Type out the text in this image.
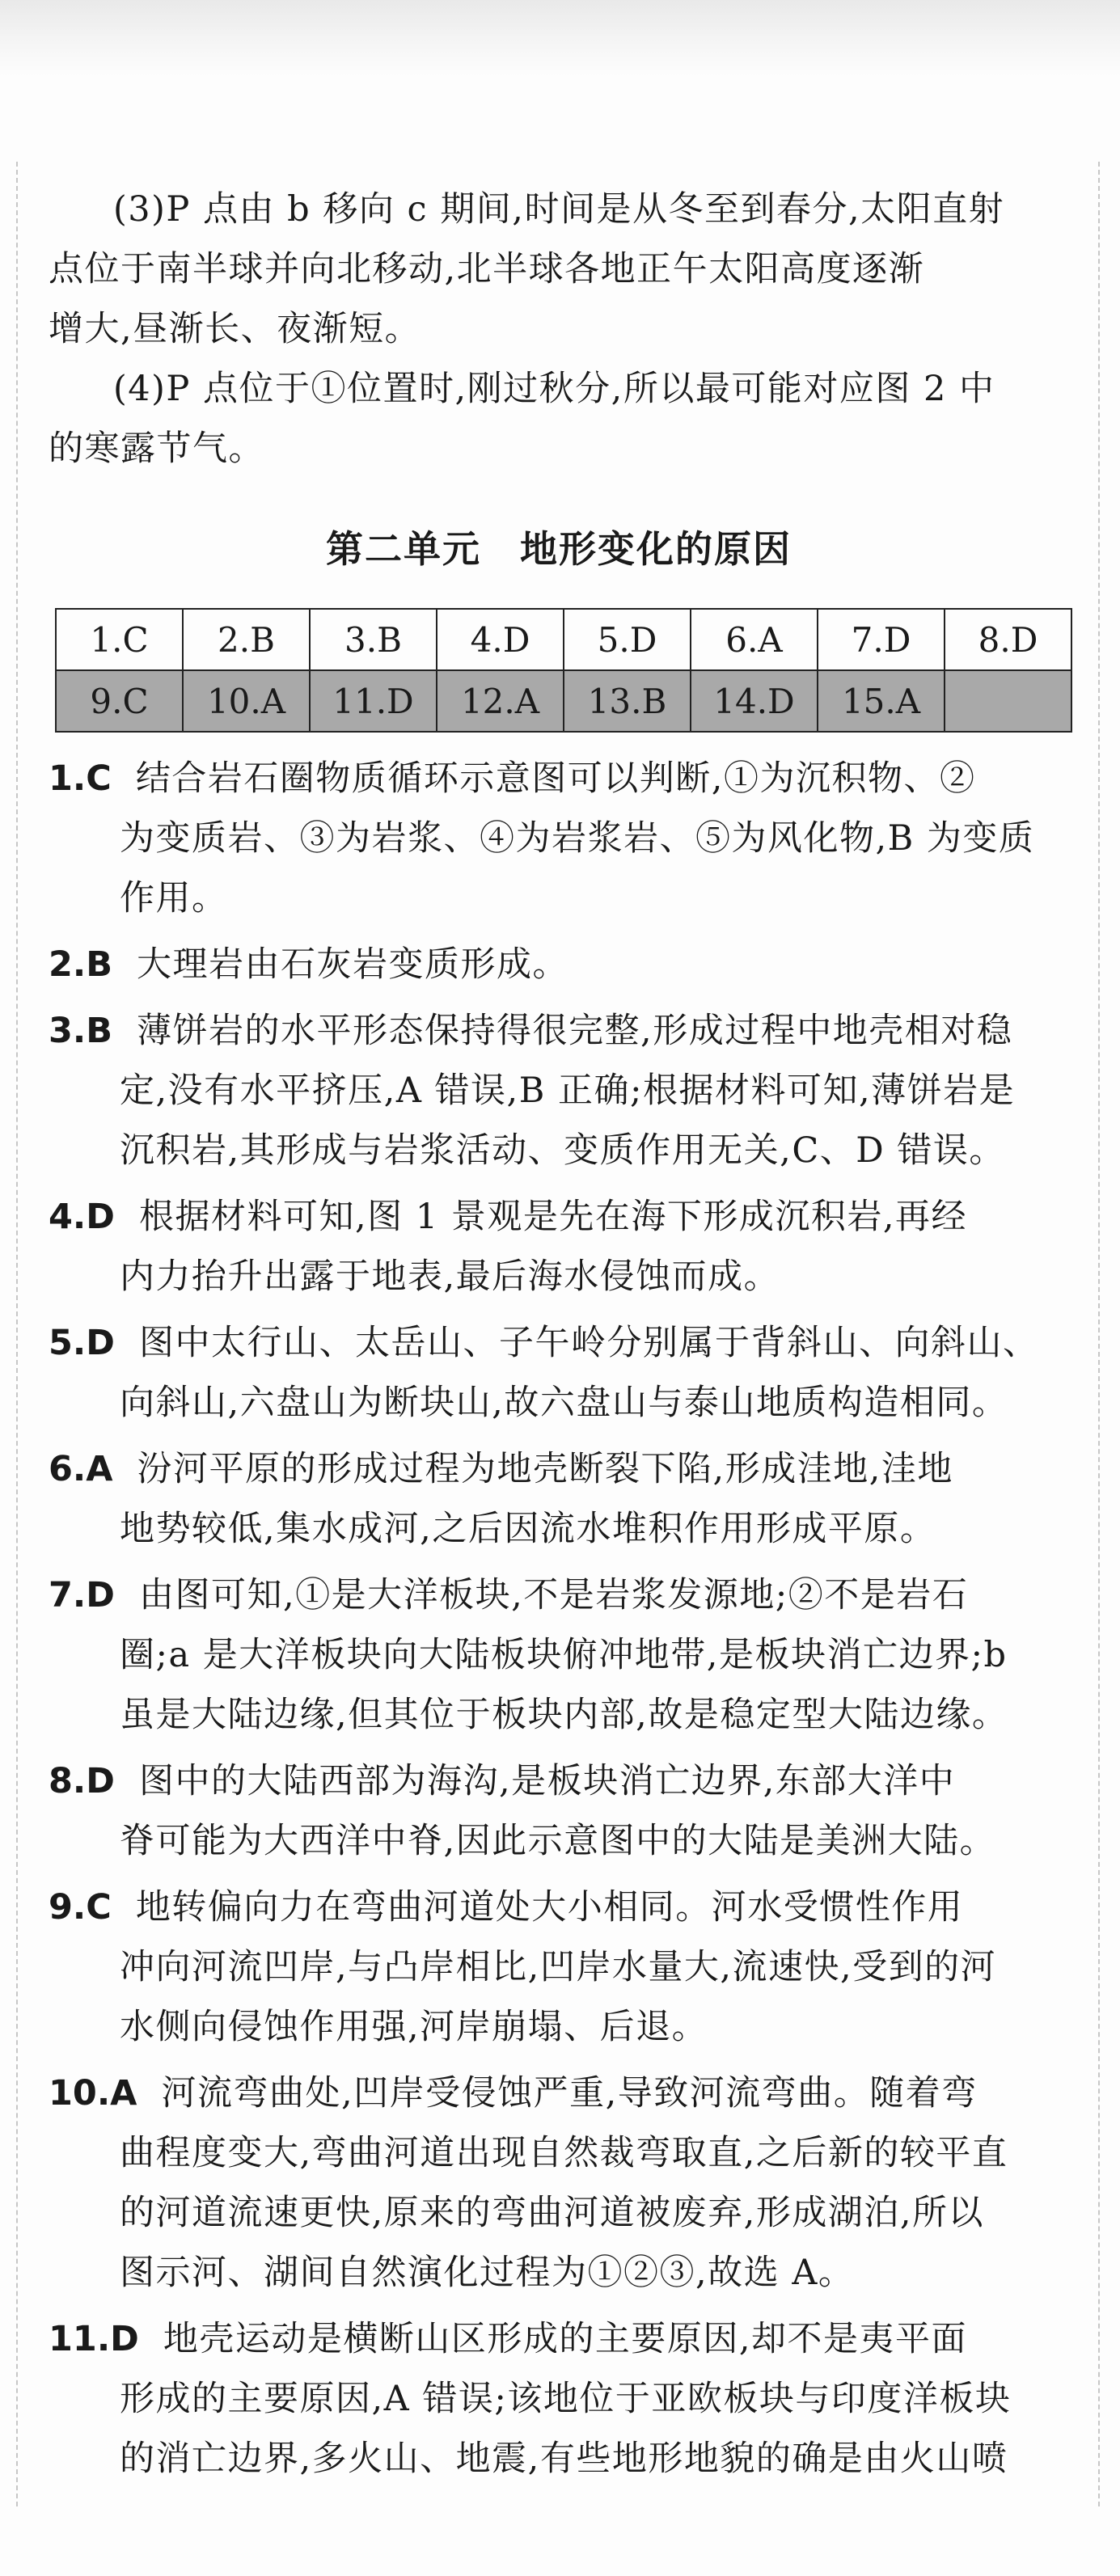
(3)P 点由 b 移向 c 期间,时间是从冬至到春分,太阳直射
点位于南半球并向北移动,北半球各地正午太阳高度逐渐
增大,昼渐长、夜渐短。
(4)P 点位于①位置时,刚过秋分,所以最可能对应图 2 中
的寒露节气。
第二单元　地形变化的原因
1.C	2.B	3.B	4.D	5.D	6.A	7.D	8.D
9.C	10.A	11.D	12.A	13.B	14.D	15.A	
1.C 结合岩石圈物质循环示意图可以判断,①为沉积物、②
为变质岩、③为岩浆、④为岩浆岩、⑤为风化物,B 为变质
作用。
2.B 大理岩由石灰岩变质形成。
3.B 薄饼岩的水平形态保持得很完整,形成过程中地壳相对稳
定,没有水平挤压,A 错误,B 正确;根据材料可知,薄饼岩是
沉积岩,其形成与岩浆活动、变质作用无关,C、D 错误。
4.D 根据材料可知,图 1 景观是先在海下形成沉积岩,再经
内力抬升出露于地表,最后海水侵蚀而成。
5.D 图中太行山、太岳山、子午岭分别属于背斜山、向斜山、
向斜山,六盘山为断块山,故六盘山与泰山地质构造相同。
6.A 汾河平原的形成过程为地壳断裂下陷,形成洼地,洼地
地势较低,集水成河,之后因流水堆积作用形成平原。
7.D 由图可知,①是大洋板块,不是岩浆发源地;②不是岩石
圈;a 是大洋板块向大陆板块俯冲地带,是板块消亡边界;b
虽是大陆边缘,但其位于板块内部,故是稳定型大陆边缘。
8.D 图中的大陆西部为海沟,是板块消亡边界,东部大洋中
脊可能为大西洋中脊,因此示意图中的大陆是美洲大陆。
9.C 地转偏向力在弯曲河道处大小相同。河水受惯性作用
冲向河流凹岸,与凸岸相比,凹岸水量大,流速快,受到的河
水侧向侵蚀作用强,河岸崩塌、后退。
10.A 河流弯曲处,凹岸受侵蚀严重,导致河流弯曲。随着弯
曲程度变大,弯曲河道出现自然裁弯取直,之后新的较平直
的河道流速更快,原来的弯曲河道被废弃,形成湖泊,所以
图示河、湖间自然演化过程为①②③,故选 A。
11.D 地壳运动是横断山区形成的主要原因,却不是夷平面
形成的主要原因,A 错误;该地位于亚欧板块与印度洋板块
的消亡边界,多火山、地震,有些地形地貌的确是由火山喷
